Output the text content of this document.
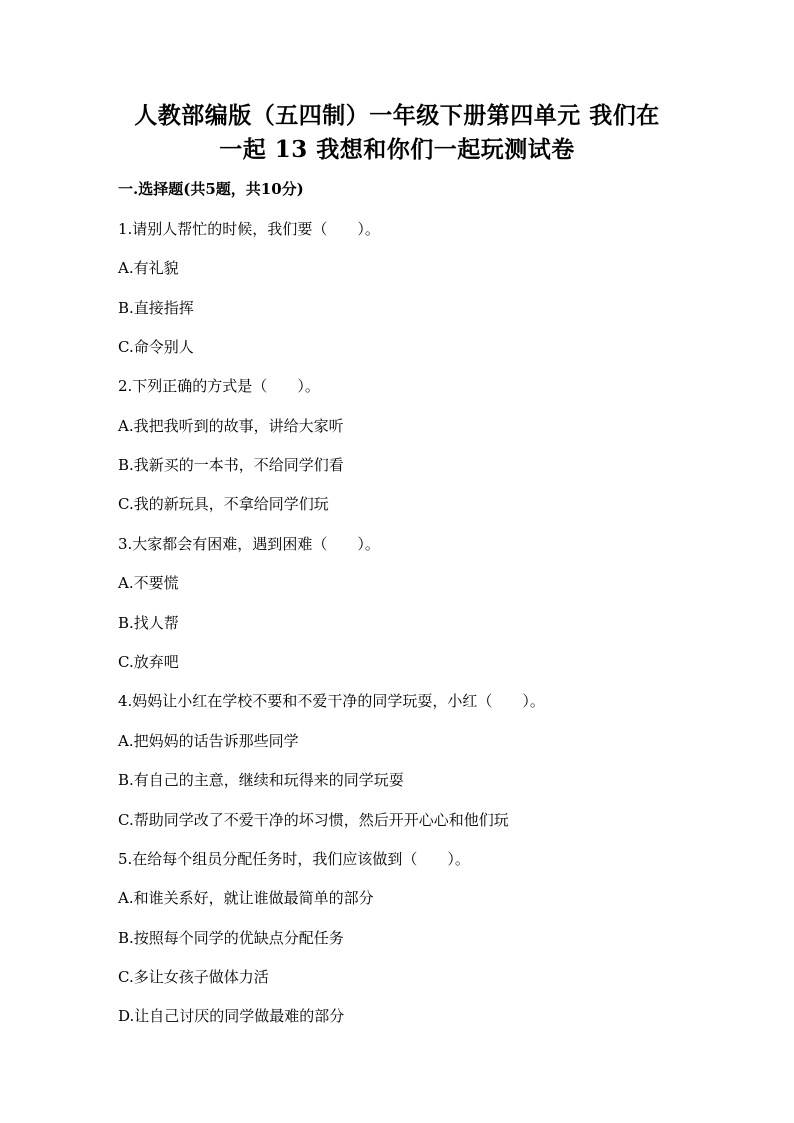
人教部编版（五四制）一年级下册第四单元 我们在
一起 13 我想和你们一起玩测试卷
一.选择题(共5题，共10分)
1.请别人帮忙的时候，我们要（　　）。
A.有礼貌
B.直接指挥
C.命令别人
2.下列正确的方式是（　　）。
A.我把我听到的故事，讲给大家听
B.我新买的一本书，不给同学们看
C.我的新玩具，不拿给同学们玩
3.大家都会有困难，遇到困难（　　）。
A.不要慌
B.找人帮
C.放弃吧
4.妈妈让小红在学校不要和不爱干净的同学玩耍，小红（　　）。
A.把妈妈的话告诉那些同学
B.有自己的主意，继续和玩得来的同学玩耍
C.帮助同学改了不爱干净的坏习惯，然后开开心心和他们玩
5.在给每个组员分配任务时，我们应该做到（　　）。
A.和谁关系好，就让谁做最简单的部分
B.按照每个同学的优缺点分配任务
C.多让女孩子做体力活
D.让自己讨厌的同学做最难的部分
